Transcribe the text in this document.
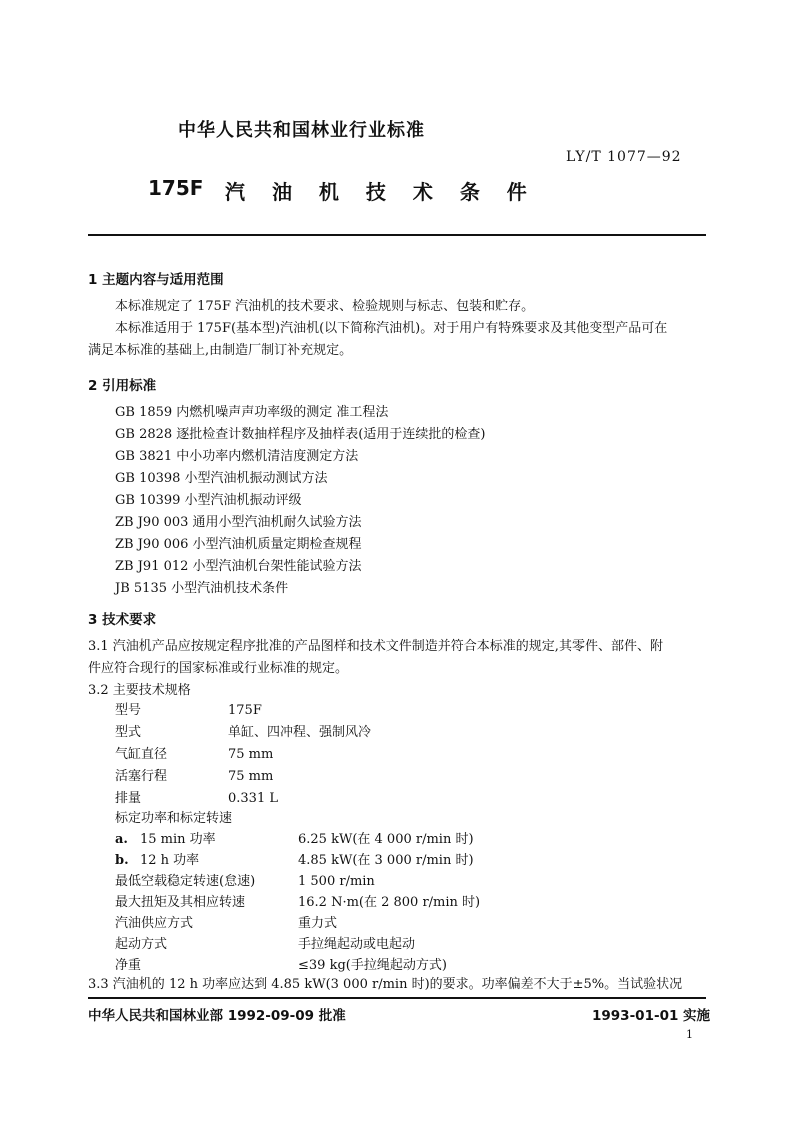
中华人民共和国林业行业标准
LY/T 1077—92
175F 汽 油 机 技 术 条 件
1 主题内容与适用范围
本标准规定了 175F 汽油机的技术要求、检验规则与标志、包装和贮存。
本标准适用于 175F(基本型)汽油机(以下简称汽油机)。对于用户有特殊要求及其他变型产品可在
满足本标准的基础上,由制造厂制订补充规定。
2 引用标准
GB 1859 内燃机噪声声功率级的测定 准工程法
GB 2828 逐批检查计数抽样程序及抽样表(适用于连续批的检查)
GB 3821 中小功率内燃机清洁度测定方法
GB 10398 小型汽油机振动测试方法
GB 10399 小型汽油机振动评级
ZB J90 003 通用小型汽油机耐久试验方法
ZB J90 006 小型汽油机质量定期检查规程
ZB J91 012 小型汽油机台架性能试验方法
JB 5135 小型汽油机技术条件
3 技术要求
3.1 汽油机产品应按规定程序批准的产品图样和技术文件制造并符合本标准的规定,其零件、部件、附
件应符合现行的国家标准或行业标准的规定。
3.2 主要技术规格
型号	175F
型式	单缸、四冲程、强制风冷
气缸直径	75 mm
活塞行程	75 mm
排量	0.331 L
标定功率和标定转速
a. 15 min 功率	6.25 kW(在 4 000 r/min 时)
b. 12 h 功率	4.85 kW(在 3 000 r/min 时)
最低空载稳定转速(怠速)	1 500 r/min
最大扭矩及其相应转速	16.2 N·m(在 2 800 r/min 时)
汽油供应方式	重力式
起动方式	手拉绳起动或电起动
净重	≤39 kg(手拉绳起动方式)
3.3 汽油机的 12 h 功率应达到 4.85 kW(3 000 r/min 时)的要求。功率偏差不大于±5%。当试验状况
中华人民共和国林业部 1992-09-09 批准	1993-01-01 实施
1
